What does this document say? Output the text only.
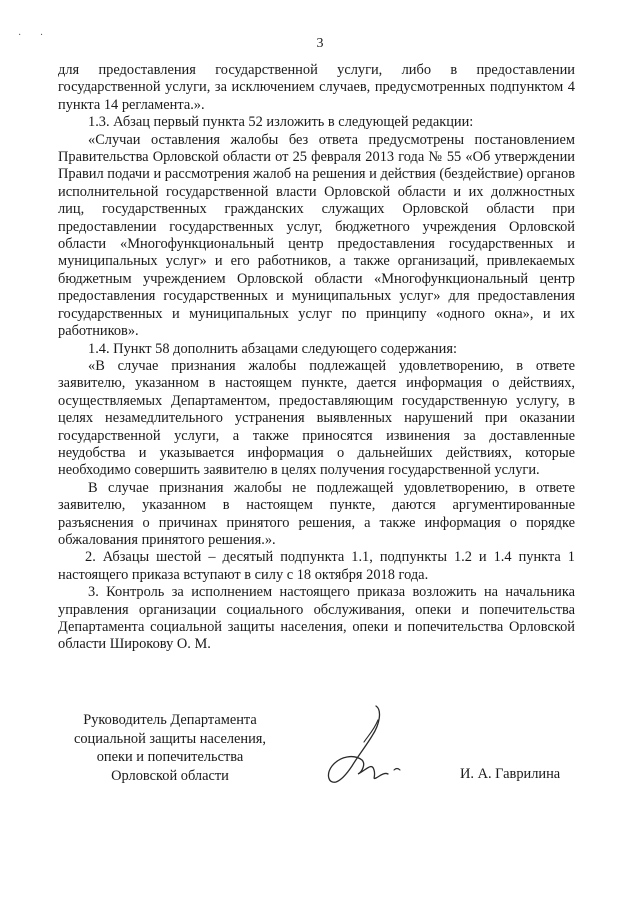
· ·
3

для предоставления государственной услуги, либо в предоставлении государственной услуги, за исключением случаев, предусмотренных подпунктом 4 пункта 14 регламента.».

1.3. Абзац первый пункта 52 изложить в следующей редакции:

«Случаи оставления жалобы без ответа предусмотрены постановлением Правительства Орловской области от 25 февраля 2013 года № 55 «Об утверждении Правил подачи и рассмотрения жалоб на решения и действия (бездействие) органов исполнительной государственной власти Орловской области и их должностных лиц, государственных гражданских служащих Орловской области при предоставлении государственных услуг, бюджетного учреждения Орловской области «Многофункциональный центр предоставления государственных и муниципальных услуг» и его работников, а также организаций, привлекаемых бюджетным учреждением Орловской области «Многофункциональный центр предоставления государственных и муниципальных услуг» для предоставления государственных и муниципальных услуг по принципу «одного окна», и их работников».

1.4. Пункт 58 дополнить абзацами следующего содержания:

«В случае признания жалобы подлежащей удовлетворению, в ответе заявителю, указанном в настоящем пункте, дается информация о действиях, осуществляемых Департаментом, предоставляющим государственную услугу, в целях незамедлительного устранения выявленных нарушений при оказании государственной услуги, а также приносятся извинения за доставленные неудобства и указывается информация о дальнейших действиях, которые необходимо совершить заявителю в целях получения государственной услуги.

В случае признания жалобы не подлежащей удовлетворению, в ответе заявителю, указанном в настоящем пункте, даются аргументированные разъяснения о причинах принятого решения, а также информация о порядке обжалования принятого решения.».

2. Абзацы шестой – десятый подпункта 1.1, подпункты 1.2 и 1.4 пункта 1 настоящего приказа вступают в силу с 18 октября 2018 года.

3. Контроль за исполнением настоящего приказа возложить на начальника управления организации социального обслуживания, опеки и попечительства Департамента социальной защиты населения, опеки и попечительства Орловской области Широкову О. М.

Руководитель Департамента
социальной защиты населения,
опеки и попечительства
Орловской области	И. А. Гаврилина
